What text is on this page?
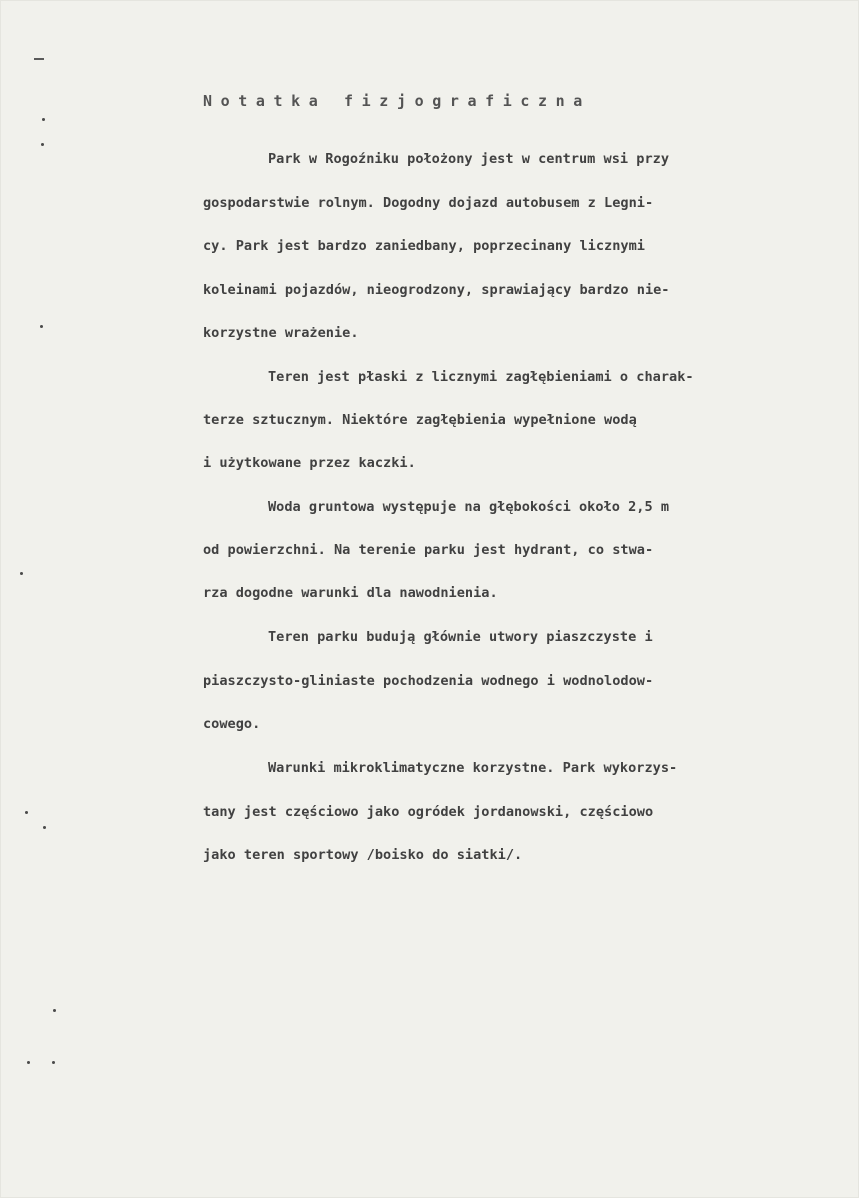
Notatka fizjograficzna
Park w Rogoźniku położony jest w centrum wsi przy
gospodarstwie rolnym. Dogodny dojazd autobusem z Legni-
cy. Park jest bardzo zaniedbany, poprzecinany licznymi
koleinami pojazdów, nieogrodzony, sprawiający bardzo nie-
korzystne wrażenie.
Teren jest płaski z licznymi zagłębieniami o charak-
terze sztucznym. Niektóre zagłębienia wypełnione wodą
i użytkowane przez kaczki.
Woda gruntowa występuje na głębokości około 2,5 m
od powierzchni. Na terenie parku jest hydrant, co stwa-
rza dogodne warunki dla nawodnienia.
Teren parku budują głównie utwory piaszczyste i
piaszczysto-gliniaste pochodzenia wodnego i wodnolodow-
cowego.
Warunki mikroklimatyczne korzystne. Park wykorzys-
tany jest częściowo jako ogródek jordanowski, częściowo
jako teren sportowy /boisko do siatki/.
